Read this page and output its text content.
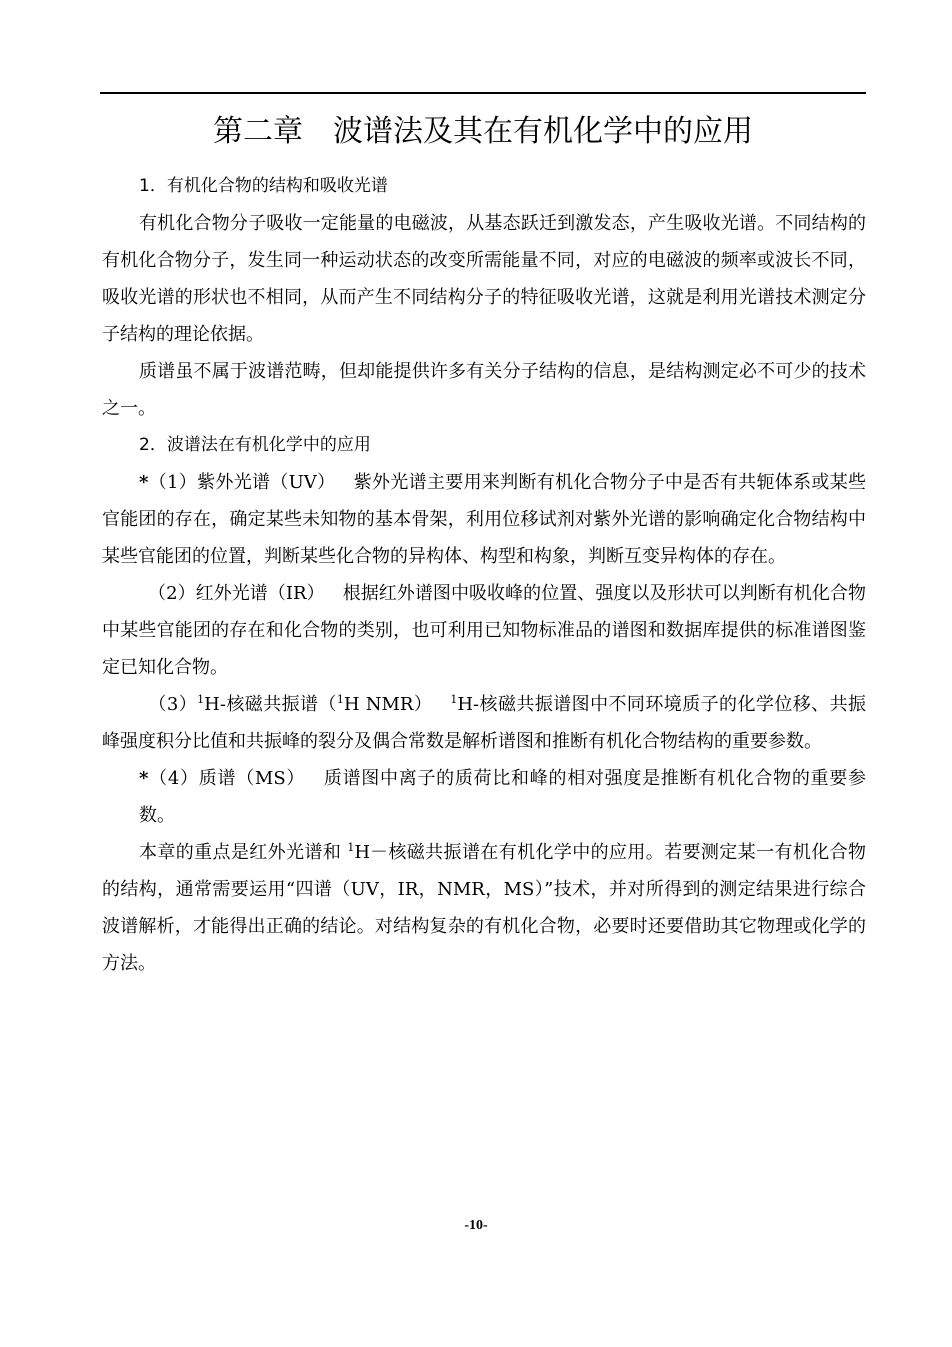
第二章　波谱法及其在有机化学中的应用

1．有机化合物的结构和吸收光谱

有机化合物分子吸收一定能量的电磁波，从基态跃迁到激发态，产生吸收光谱。不同结构的有机化合物分子，发生同一种运动状态的改变所需能量不同，对应的电磁波的频率或波长不同，吸收光谱的形状也不相同，从而产生不同结构分子的特征吸收光谱，这就是利用光谱技术测定分子结构的理论依据。

质谱虽不属于波谱范畴，但却能提供许多有关分子结构的信息，是结构测定必不可少的技术之一。

2．波谱法在有机化学中的应用

*（1）紫外光谱（UV）  紫外光谱主要用来判断有机化合物分子中是否有共轭体系或某些官能团的存在，确定某些未知物的基本骨架，利用位移试剂对紫外光谱的影响确定化合物结构中某些官能团的位置，判断某些化合物的异构体、构型和构象，判断互变异构体的存在。

 （2）红外光谱（IR）  根据红外谱图中吸收峰的位置、强度以及形状可以判断有机化合物中某些官能团的存在和化合物的类别，也可利用已知物标准品的谱图和数据库提供的标准谱图鉴定已知化合物。

 $(3)^1H-$核磁共振谱（$^1$H NMR）  $^1$H-核磁共振谱图中不同环境质子的化学位移、共振峰强度积分比值和共振峰的裂分及偶合常数是解析谱图和推断有机化合物结构的重要参数。

*（4）质谱（MS）  质谱图中离子的质荷比和峰的相对强度是推断有机化合物的重要参数。

本章的重点是红外光谱和 $^1$H－核磁共振谱在有机化学中的应用。若要测定某一有机化合物的结构，通常需要运用“四谱（UV，IR，NMR，MS）”技术，并对所得到的测定结果进行综合波谱解析，才能得出正确的结论。对结构复杂的有机化合物，必要时还要借助其它物理或化学的方法。

-10-
